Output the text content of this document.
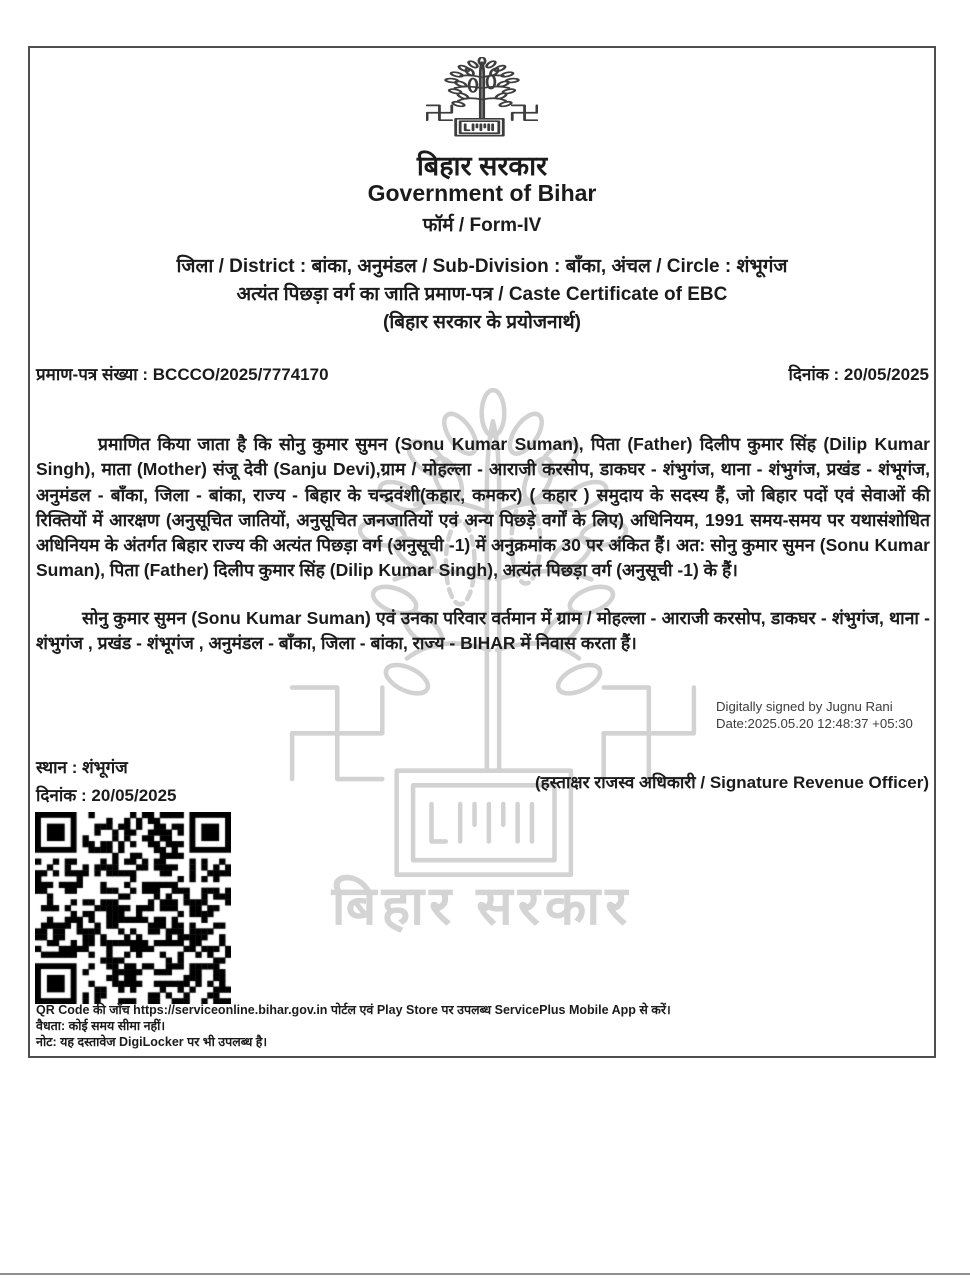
बिहार सरकार
बिहार सरकार
Government of Bihar
फॉर्म / Form-IV
जिला / District : बांका, अनुमंडल / Sub-Division : बाँका, अंचल / Circle : शंभूगंज
अत्यंत पिछड़ा वर्ग का जाति प्रमाण-पत्र / Caste Certificate of EBC
(बिहार सरकार के प्रयोजनार्थ)
प्रमाण-पत्र संख्या : BCCCO/2025/7774170	दिनांक : 20/05/2025
प्रमाणित किया जाता है कि सोनु कुमार सुमन (Sonu Kumar Suman), पिता (Father) दिलीप कुमार सिंह (Dilip Kumar Singh), माता (Mother) संजू देवी (Sanju Devi),ग्राम / मोहल्ला - आराजी करसोप, डाकघर - शंभुगंज, थाना - शंभुगंज, प्रखंड - शंभूगंज, अनुमंडल - बाँका, जिला - बांका, राज्य - बिहार के चन्द्रवंशी(कहार, कमकर) ( कहार ) समुदाय के सदस्य हैं, जो बिहार पदों एवं सेवाओं की रिक्तियों में आरक्षण (अनुसूचित जातियों, अनुसूचित जनजातियों एवं अन्य पिछड़े वर्गों के लिए) अधिनियम, 1991 समय-समय पर यथासंशोधित अधिनियम के अंतर्गत बिहार राज्य की अत्यंत पिछड़ा वर्ग (अनुसूची -1) में अनुक्रमांक 30 पर अंकित हैं। अत: सोनु कुमार सुमन (Sonu Kumar Suman), पिता (Father) दिलीप कुमार सिंह (Dilip Kumar Singh), अत्यंत पिछड़ा वर्ग (अनुसूची -1) के हैं।
सोनु कुमार सुमन (Sonu Kumar Suman) एवं उनका परिवार वर्तमान में ग्राम / मोहल्ला - आराजी करसोप, डाकघर - शंभुगंज, थाना - शंभुगंज , प्रखंड - शंभूगंज , अनुमंडल - बाँका, जिला - बांका, राज्य - BIHAR में निवास करता हैं।
Digitally signed by Jugnu Rani
Date:2025.05.20 12:48:37 +05:30
स्थान : शंभूगंज
दिनांक : 20/05/2025
(हस्ताक्षर राजस्व अधिकारी / Signature Revenue Officer)
QR Code की जाँच https://serviceonline.bihar.gov.in पोर्टल एवं Play Store पर उपलब्ध ServicePlus Mobile App से करें।
वैधता: कोई समय सीमा नहीं।
नोट: यह दस्तावेज DigiLocker पर भी उपलब्ध है।
